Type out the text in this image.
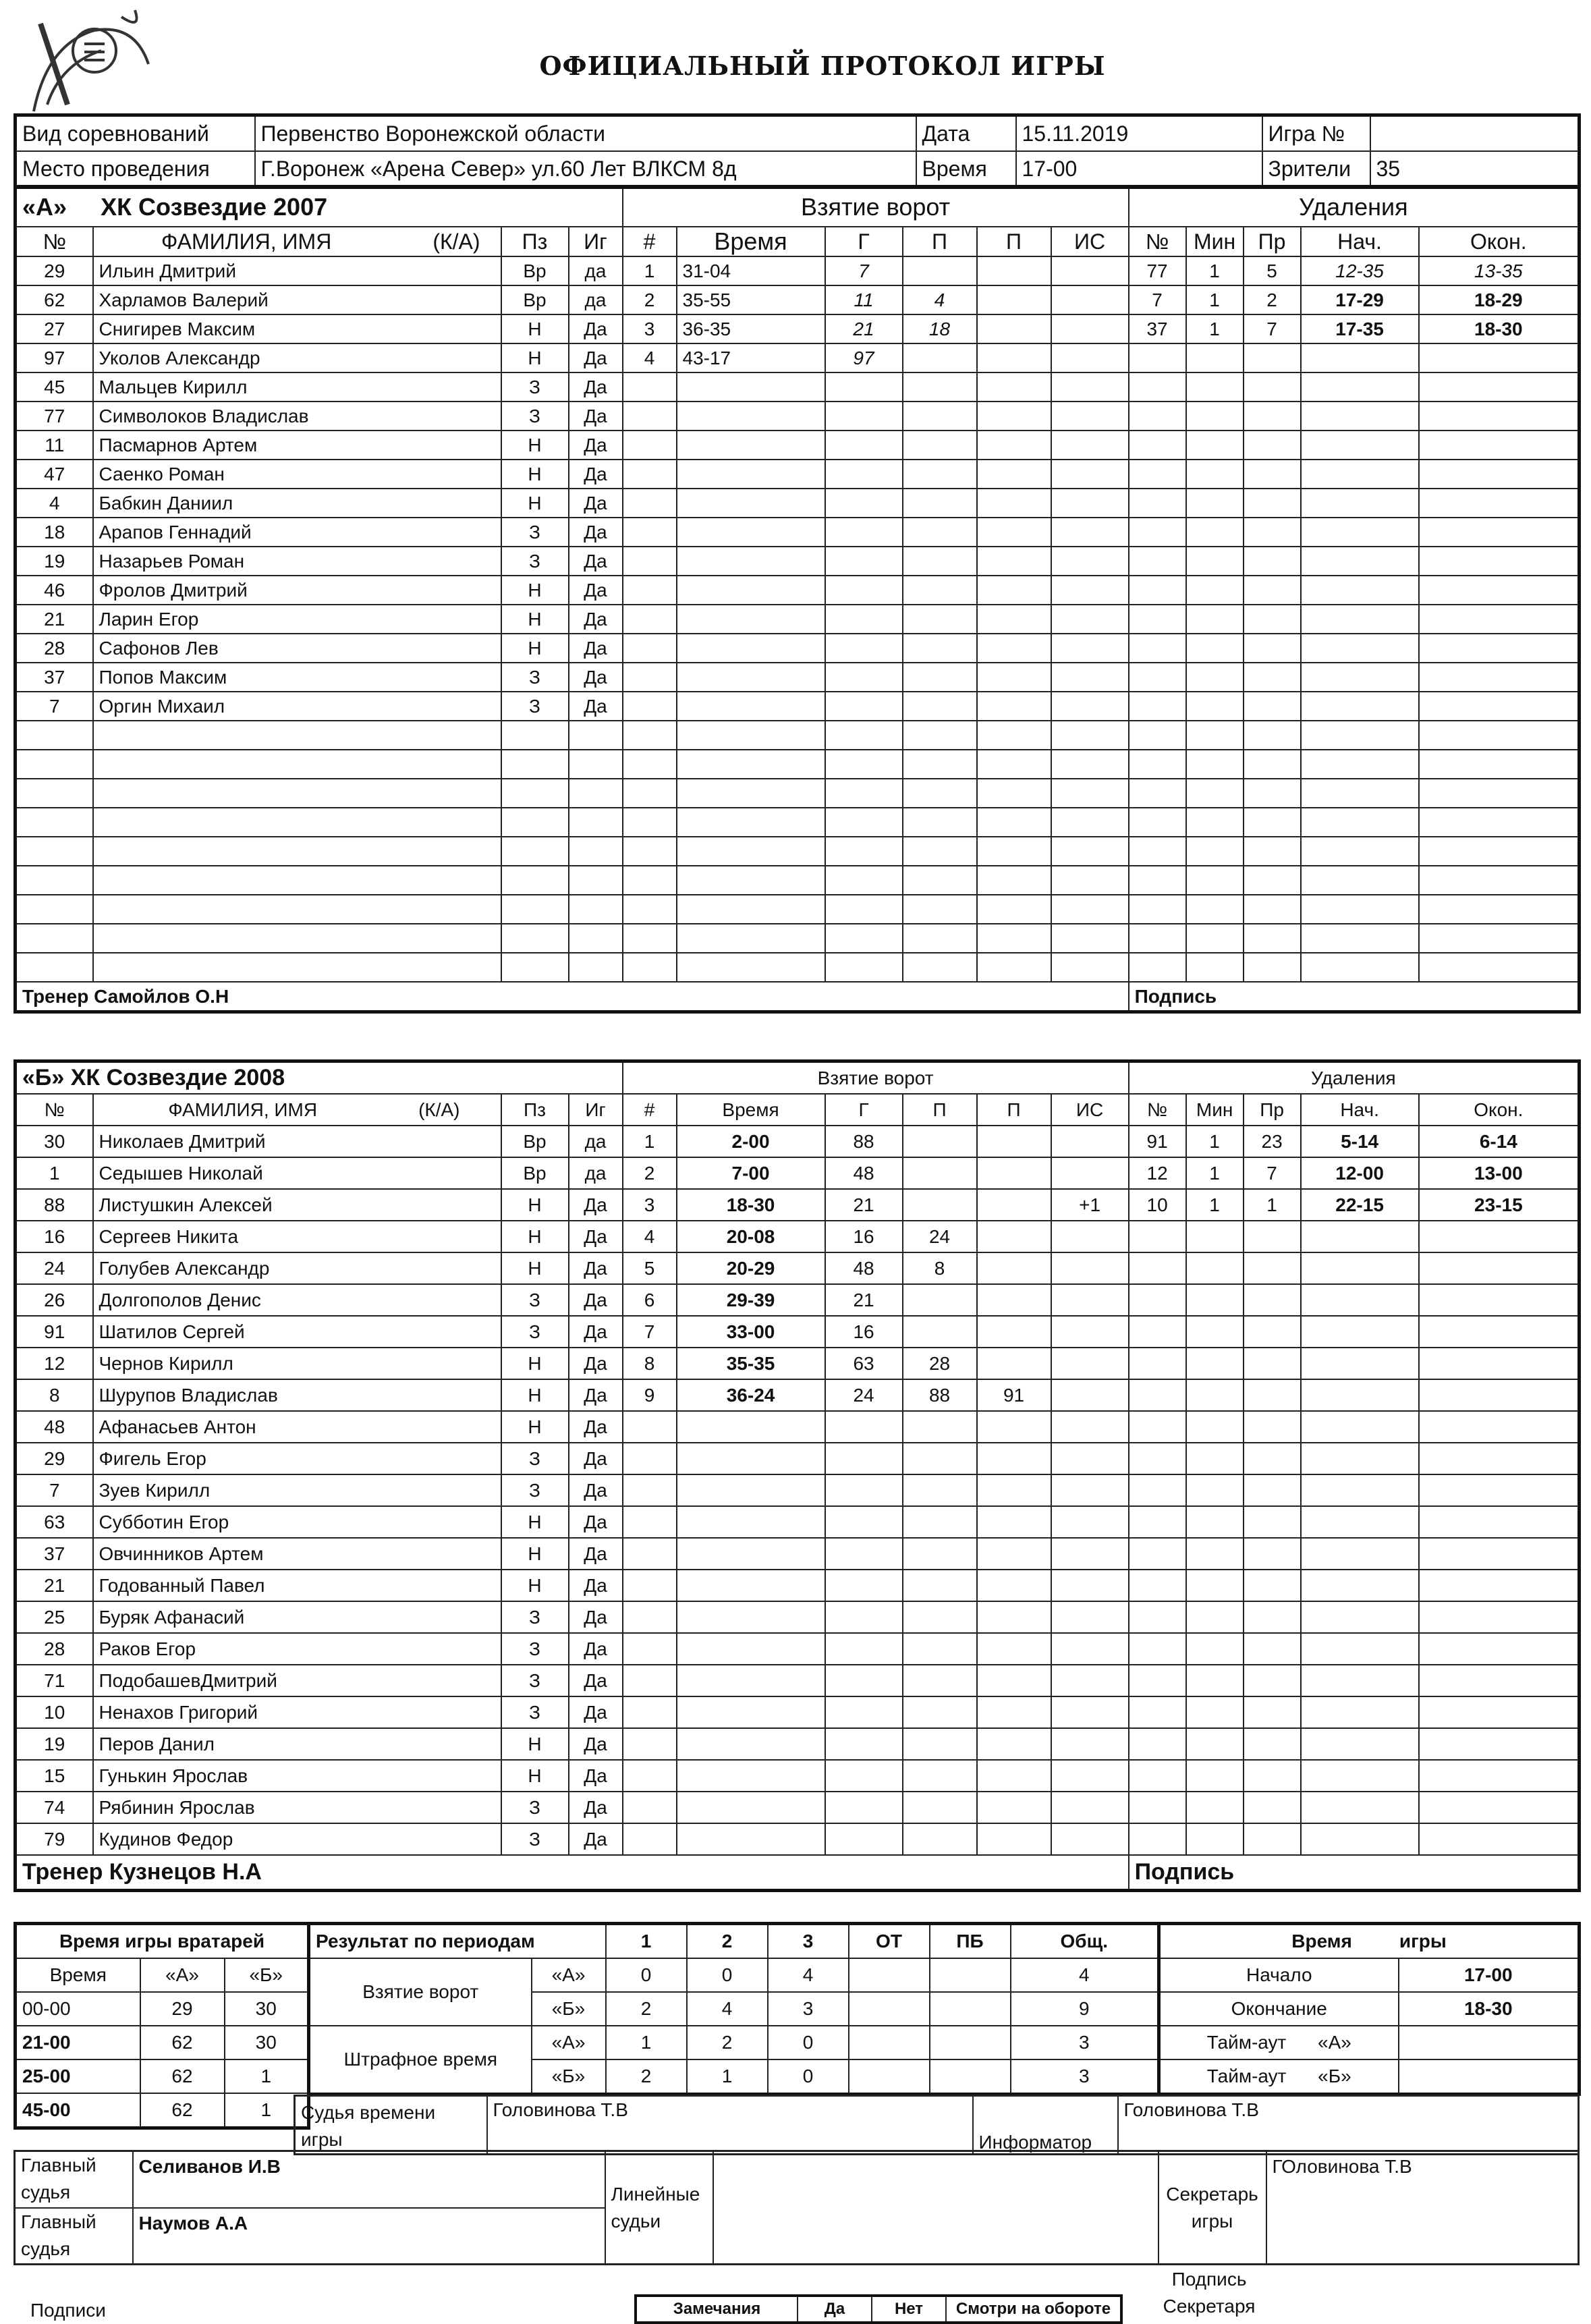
ОФИЦИАЛЬНЫЙ ПРОТОКОЛ ИГРЫ
Вид соревнований	Первенство Воронежской области	Дата	15.11.2019	Игра №	
Место проведения	Г.Воронеж «Арена Север» ул.60 Лет ВЛКСМ 8д	Время	17-00	Зрители	35
«А» ХК Созвездие 2007				Взятие ворот						Удаления				
№	ФАМИЛИЯ, ИМЯ (К/А)	Пз	Иг	#	Время	Г	П	П	ИС	№	Мин	Пр	Нач.	Окон.
29	Ильин Дмитрий	Вр	да	1	31-04	7				77	1	5	12-35	13-35
62	Харламов Валерий	Вр	да	2	35-55	11	4			7	1	2	17-29	18-29
27	Снигирев Максим	Н	Да	3	36-35	21	18			37	1	7	17-35	18-30
97	Уколов Александр	Н	Да	4	43-17	97								
45	Мальцев Кирилл	З	Да											
77	Символоков Владислав	З	Да											
11	Пасмарнов Артем	Н	Да											
47	Саенко Роман	Н	Да											
4	Бабкин Даниил	Н	Да											
18	Арапов Геннадий	З	Да											
19	Назарьев Роман	З	Да											
46	Фролов Дмитрий	Н	Да											
21	Ларин Егор	Н	Да											
28	Сафонов Лев	Н	Да											
37	Попов Максим	З	Да											
7	Оргин Михаил	З	Да											

Тренер Самойлов О.Н										Подпись				
«Б» ХК Созвездие 2008				Взятие ворот						Удаления				
№	ФАМИЛИЯ, ИМЯ (К/А)	Пз	Иг	#	Время	Г	П	П	ИС	№	Мин	Пр	Нач.	Окон.
30	Николаев Дмитрий	Вр	да	1	2-00	88				91	1	23	5-14	6-14
1	Седышев Николай	Вр	да	2	7-00	48				12	1	7	12-00	13-00
88	Листушкин Алексей	Н	Да	3	18-30	21			+1	10	1	1	22-15	23-15
16	Сергеев Никита	Н	Да	4	20-08	16	24							
24	Голубев Александр	Н	Да	5	20-29	48	8							
26	Долгополов Денис	З	Да	6	29-39	21								
91	Шатилов Сергей	З	Да	7	33-00	16								
12	Чернов Кирилл	Н	Да	8	35-35	63	28							
8	Шурупов Владислав	Н	Да	9	36-24	24	88	91						
48	Афанасьев Антон	Н	Да											
29	Фигель Егор	З	Да											
7	Зуев Кирилл	З	Да											
63	Субботин Егор	Н	Да											
37	Овчинников Артем	Н	Да											
21	Годованный Павел	Н	Да											
25	Буряк Афанасий	З	Да											
28	Раков Егор	З	Да											
71	ПодобашевДмитрий	З	Да											
10	Ненахов Григорий	З	Да											
19	Перов Данил	Н	Да											
15	Гунькин Ярослав	Н	Да											
74	Рябинин Ярослав	З	Да											
79	Кудинов Федор	З	Да											
Тренер Кузнецов Н.А										Подпись				
Время игры вратарей		
Время	«А»	«Б»
00-00	29	30
21-00	62	30
25-00	62	1
45-00	62	1
Результат по периодам		1	2	3	ОТ	ПБ	Общ.
Взятие ворот	«А»	0	0	4			4
	«Б»	2	4	3			9
Штрафное время	«А»	1	2	0			3
	«Б»	2	1	0			3
Время         игры	
Начало	17-00
Окончание	18-30
Тайм-аут      «А»	
Тайм-аут      «Б»	
Судья времени игры	Головинова Т.В	Информатор	Головинова Т.В
Главный судья	Селиванов И.В	Линейные судьи		Секретарь игры	ГОловинова Т.В
Главный судья	Наумов А.А				
Подписи
Подпись Секретаря
Замечания	Да	Нет	Смотри на обороте
